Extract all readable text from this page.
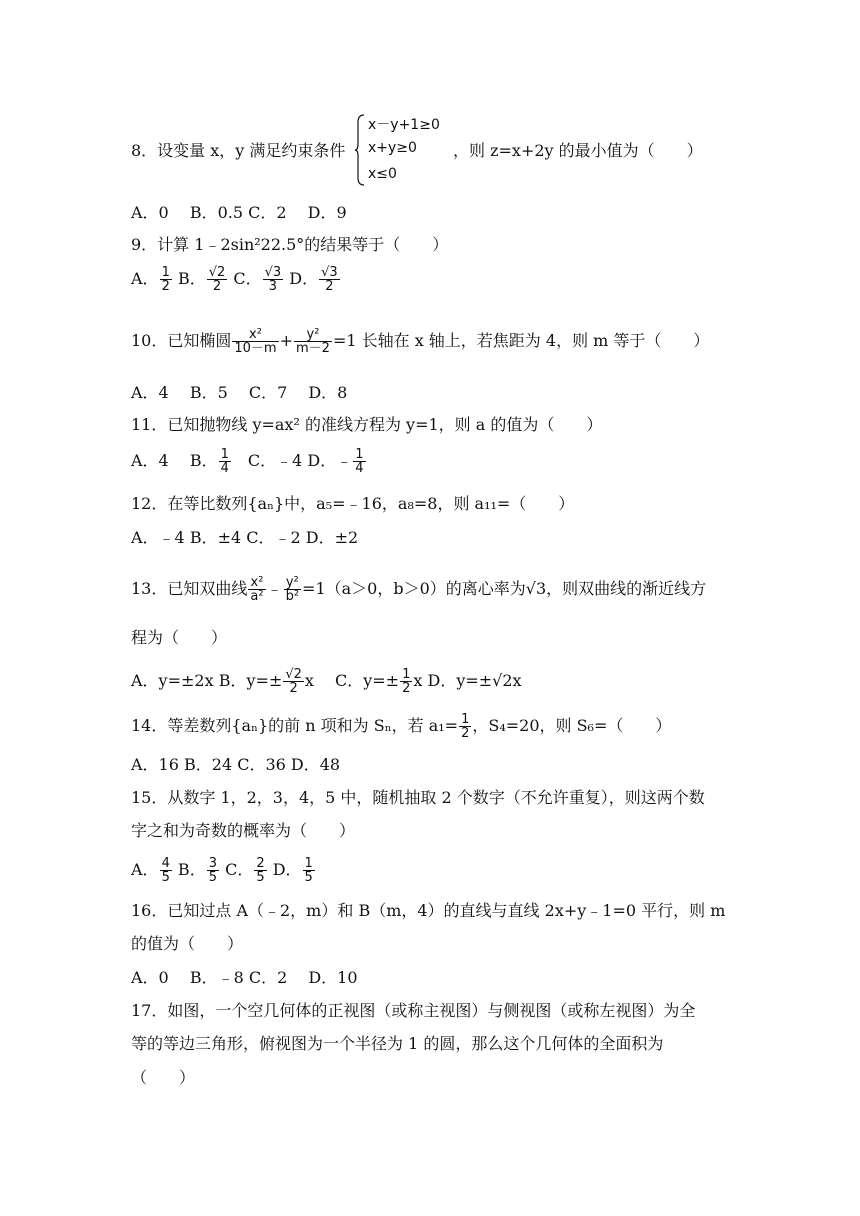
8．设变量 x，y 满足约束条件
x－y+1≥0
x+y≥0
x≤0
，则 z=x+2y 的最小值为（　　）
A．0　 B．0.5 C．2　 D．9
9．计算 1﹣2sin²22.5°的结果等于（　　）
A． $\frac{1}{2}$ B． $\frac{√2}{2}$ C． $\frac{√3}{3}$ D． $\frac{√3}{2}$
10．已知椭圆 $\frac{\text{x²}}{10-m} + \frac{\text{y²}}{m-2} =1$ 长轴在 x 轴上，若焦距为 4，则 m 等于（　　）
A．4　 B．5　 C．7　 D．8
11．已知抛物线 y=ax² 的准线方程为 y=1，则 a 的值为（　　）
A．4　 B． $\frac{1}{4}$ 　C．﹣4 D．﹣ $\frac{1}{4}$
12．在等比数列{aₙ}中，a₅=﹣16，a₈=8，则 a₁₁=（　　）
A．﹣4 B．±4 C．﹣2 D．±2
13．已知双曲线 $\frac{\text{x²}}{\text{a²}}$ ﹣ $\frac{\text{y²}}{\text{b²}} =1(a>0$，b＞0）的离心率为√3，则双曲线的渐近线方
程为（　　）
A．y=±2x B．$y=\pm \frac{√2}{2}$ x　 C．$y=\pm \frac{1}{2}$ x D．y=±√2x
14．等差数列{aₙ}的前 n 项和为 Sₙ，若 $a_1= \frac{1}{2}$ ，S₄=20，则 S₆=（　　）
A．16 B．24 C．36 D．48
15．从数字 1，2，3，4，5 中，随机抽取 2 个数字（不允许重复），则这两个数
字之和为奇数的概率为（　　）
A． $\frac{4}{5}$ B． $\frac{3}{5}$ C． $\frac{2}{5}$ D． $\frac{1}{5}$
16．已知过点 A（﹣2，m）和 B（m，4）的直线与直线 2x+y﹣1=0 平行，则 m
的值为（　　）
A．0　 B．﹣8 C．2　 D．10
17．如图，一个空几何体的正视图（或称主视图）与侧视图（或称左视图）为全
等的等边三角形，俯视图为一个半径为 1 的圆，那么这个几何体的全面积为
（　　）
